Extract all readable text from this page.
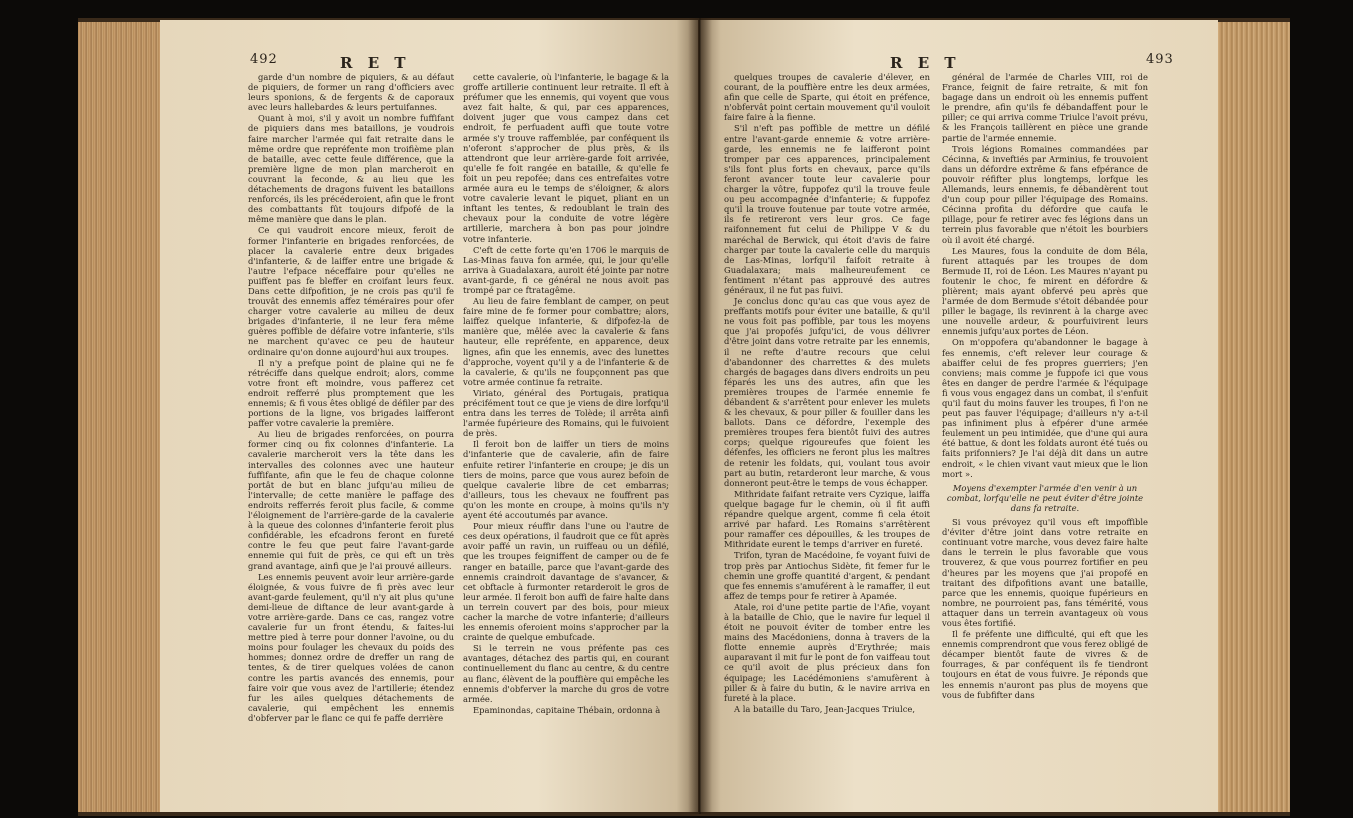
492	R E T

garde d'un nombre de piquiers, & au défaut de piquiers, de former un rang d'officiers avec leurs sponions, & de fergents & de caporaux avec leurs hallebardes & leurs pertuifannes.

Quant à moi, s'il y avoit un nombre fuffifant de piquiers dans mes bataillons, je voudrois faire marcher l'armée qui fait retraite dans le même ordre que repréfente mon troifième plan de bataille, avec cette feule différence, que la première ligne de mon plan marcheroit en couvrant la feconde, & au lieu que les détachements de dragons fuivent les bataillons renforcés, ils les précéderoient, afin que le front des combattants fût toujours difpofé de la même manière que dans le plan.

Ce qui vaudroit encore mieux, feroit de former l'infanterie en brigades renforcées, de placer la cavalerie entre deux brigades d'infanterie, & de laiffer entre une brigade & l'autre l'efpace néceffaire pour qu'elles ne puiffent pas fe bleffer en croifant leurs feux. Dans cette difpofition, je ne crois pas qu'il fe trouvât des ennemis affez téméraires pour ofer charger votre cavalerie au milieu de deux brigades d'infanterie, il ne leur fera même guères poffible de défaire votre infanterie, s'ils ne marchent qu'avec ce peu de hauteur ordinaire qu'on donne aujourd'hui aux troupes.

Il n'y a prefque point de plaine qui ne fe rétréciffe dans quelque endroit; alors, comme votre front eft moindre, vous pafferez cet endroit refferré plus promptement que les ennemis; & fi vous êtes obligé de défiler par des portions de la ligne, vos brigades laifferont paffer votre cavalerie la première.

Au lieu de brigades renforcées, on pourra former cinq ou fix colonnes d'infanterie. La cavalerie marcheroit vers la tête dans les intervalles des colonnes avec une hauteur fuffifante, afin que le feu de chaque colonne portât de but en blanc jufqu'au milieu de l'intervalle; de cette manière le paffage des endroits refferrés feroit plus facile, & comme l'éloignement de l'arrière-garde de la cavalerie à la queue des colonnes d'infanterie feroit plus confidérable, les efcadrons feront en fureté contre le feu que peut faire l'avant-garde ennemie qui fuit de près, ce qui eft un très grand avantage, ainfi que je l'ai prouvé ailleurs.

Les ennemis peuvent avoir leur arrière-garde éloignée, & vous fuivre de fi près avec leur avant-garde feulement, qu'il n'y ait plus qu'une demi-lieue de diftance de leur avant-garde à votre arrière-garde. Dans ce cas, rangez votre cavalerie fur un front étendu, & faites-lui mettre pied à terre pour donner l'avoine, ou du moins pour foulager les chevaux du poids des hommes; donnez ordre de dreffer un rang de tentes, & de tirer quelques volées de canon contre les partis avancés des ennemis, pour faire voir que vous avez de l'artillerie; étendez fur les ailes quelques détachements de cavalerie, qui empêchent les ennemis d'obferver par le flanc ce qui fe paffe derrière

cette cavalerie, où l'infanterie, le bagage & la groffe artillerie continuent leur retraite. Il eft à préfumer que les ennemis, qui voyent que vous avez fait halte, & qui, par ces apparences, doivent juger que vous campez dans cet endroit, fe perfuadent auffi que toute votre armée s'y trouve raffemblée, par conféquent ils n'oferont s'approcher de plus près, & ils attendront que leur arrière-garde foit arrivée, qu'elle fe foit rangée en bataille, & qu'elle fe foit un peu repofée; dans ces entrefaites votre armée aura eu le temps de s'éloigner, & alors votre cavalerie levant le piquet, pliant en un inftant les tentes, & redoublant le train des chevaux pour la conduite de votre légère artillerie, marchera à bon pas pour joindre votre infanterie.

C'eft de cette forte qu'en 1706 le marquis de Las-Minas fauva fon armée, qui, le jour qu'elle arriva à Guadalaxara, auroit été jointe par notre avant-garde, fi ce général ne nous avoit pas trompé par ce ftratagême.

Au lieu de faire femblant de camper, on peut faire mine de fe former pour combattre; alors, laiffez quelque infanterie, & difpofez-la de manière que, mêlée avec la cavalerie & fans hauteur, elle repréfente, en apparence, deux lignes, afin que les ennemis, avec des lunettes d'approche, voyent qu'il y a de l'infanterie & de la cavalerie, & qu'ils ne foupçonnent pas que votre armée continue fa retraite.

Viriato, général des Portugais, pratiqua précifément tout ce que je viens de dire lorfqu'il entra dans les terres de Tolède; il arrêta ainfi l'armée fupérieure des Romains, qui le fuivoient de près.

Il feroit bon de laiffer un tiers de moins d'infanterie que de cavalerie, afin de faire enfuite retirer l'infanterie en croupe; je dis un tiers de moins, parce que vous aurez befoin de quelque cavalerie libre de cet embarras; d'ailleurs, tous les chevaux ne fouffrent pas qu'on les monte en croupe, à moins qu'ils n'y ayent été accoutumés par avance.

Pour mieux réuffir dans l'une ou l'autre de ces deux opérations, il faudroit que ce fût après avoir paffé un ravin, un ruiffeau ou un défilé, que les troupes feigniffent de camper ou de fe ranger en bataille, parce que l'avant-garde des ennemis craindroit davantage de s'avancer, & cet obftacle à furmonter retarderoit le gros de leur armée. Il feroit bon auffi de faire halte dans un terrein couvert par des bois, pour mieux cacher la marche de votre infanterie; d'ailleurs les ennemis oferoient moins s'approcher par la crainte de quelque embufcade.

Si le terrein ne vous préfente pas ces avantages, détachez des partis qui, en courant continuellement du flanc au centre, & du centre au flanc, élèvent de la pouffière qui empêche les ennemis d'obferver la marche du gros de votre armée.

Epaminondas, capitaine Thébain, ordonna à

R E T	493

quelques troupes de cavalerie d'élever, en courant, de la pouffière entre les deux armées, afin que celle de Sparte, qui étoit en préfence, n'obfervât point certain mouvement qu'il vouloit faire faire à la fienne.

S'il n'eft pas poffible de mettre un défilé entre l'avant-garde ennemie & votre arrière-garde, les ennemis ne fe laifferont point tromper par ces apparences, principalement s'ils font plus forts en chevaux, parce qu'ils feront avancer toute leur cavalerie pour charger la vôtre, fuppofez qu'il la trouve feule ou peu accompagnée d'infanterie; & fuppofez qu'il la trouve foutenue par toute votre armée, ils fe retireront vers leur gros. Ce fage raifonnement fut celui de Philippe V & du maréchal de Berwick, qui étoit d'avis de faire charger par toute la cavalerie celle du marquis de Las-Minas, lorfqu'il faifoit retraite à Guadalaxara; mais malheureufement ce fentiment n'étant pas approuvé des autres généraux, il ne fut pas fuivi.

Je conclus donc qu'au cas que vous ayez de preffants motifs pour éviter une bataille, & qu'il ne vous foit pas poffible, par tous les moyens que j'ai propofés jufqu'ici, de vous délivrer d'être joint dans votre retraite par les ennemis, il ne refte d'autre recours que celui d'abandonner des charrettes & des mulets chargés de bagages dans divers endroits un peu féparés les uns des autres, afin que les premières troupes de l'armée ennemie fe débandent & s'arrêtent pour enlever les mulets & les chevaux, & pour piller & fouiller dans les ballots. Dans ce défordre, l'exemple des premières troupes fera bientôt fuivi des autres corps; quelque rigoureufes que foient les défenfes, les officiers ne feront plus les maîtres de retenir les foldats, qui, voulant tous avoir part au butin, retarderont leur marche, & vous donneront peut-être le temps de vous échapper.

Mithridate faifant retraite vers Cyzique, laiffa quelque bagage fur le chemin, où il fit auffi répandre quelque argent, comme fi cela étoit arrivé par hafard. Les Romains s'arrêtèrent pour ramaffer ces dépouilles, & les troupes de Mithridate eurent le temps d'arriver en fureté.

Trifon, tyran de Macédoine, fe voyant fuivi de trop près par Antiochus Sidète, fit femer fur le chemin une groffe quantité d'argent, & pendant que fes ennemis s'amuférent à le ramaffer, il eut affez de temps pour fe retirer à Apamée.

Atale, roi d'une petite partie de l'Afie, voyant à la bataille de Chio, que le navire fur lequel il étoit ne pouvoit éviter de tomber entre les mains des Macédoniens, donna à travers de la flotte ennemie auprès d'Erythrée; mais auparavant il mit fur le pont de fon vaiffeau tout ce qu'il avoit de plus précieux dans fon équipage; les Lacédémoniens s'amufèrent à piller & à faire du butin, & le navire arriva en fureté à la place.

A la bataille du Taro, Jean-Jacques Triulce,

général de l'armée de Charles VIII, roi de France, feignit de faire retraite, & mit fon bagage dans un endroit où les ennemis puffent le prendre, afin qu'ils fe débandaffent pour le piller; ce qui arriva comme Triulce l'avoit prévu, & les François taillèrent en pièce une grande partie de l'armée ennemie.

Trois légions Romaines commandées par Cécinna, & inveftiés par Arminius, fe trouvoient dans un défordre extrême & fans efpérance de pouvoir réfifter plus longtemps, lorfque les Allemands, leurs ennemis, fe débandèrent tout d'un coup pour piller l'équipage des Romains. Cécinna profita du défordre que caufa le pillage, pour fe retirer avec fes légions dans un terrein plus favorable que n'étoit les bourbiers où il avoit été chargé.

Les Maures, fous la conduite de dom Béla, furent attaqués par les troupes de dom Bermude II, roi de Léon. Les Maures n'ayant pu foutenir le choc, fe mirent en défordre & plièrent; mais ayant obfervé peu après que l'armée de dom Bermude s'étoit débandée pour piller le bagage, ils revinrent à la charge avec une nouvelle ardeur, & pourfuivirent leurs ennemis jufqu'aux portes de Léon.

On m'oppofera qu'abandonner le bagage à fes ennemis, c'eft relever leur courage & abaiffer celui de fes propres guerriers; j'en conviens; mais comme je fuppofe ici que vous êtes en danger de perdre l'armée & l'équipage fi vous vous engagez dans un combat, il s'enfuit qu'il faut du moins fauver les troupes, fi l'on ne peut pas fauver l'équipage; d'ailleurs n'y a-t-il pas infiniment plus à efpérer d'une armée feulement un peu intimidée, que d'une qui aura été battue, & dont les foldats auront été tués ou faits prifonniers? Je l'ai déjà dit dans un autre endroit, « le chien vivant vaut mieux que le lion mort ».

Moyens d'exempter l'armée d'en venir à un combat, lorfqu'elle ne peut éviter d'être jointe dans fa retraite.

Si vous prévoyez qu'il vous eft impoffible d'éviter d'être joint dans votre retraite en continuant votre marche, vous devez faire halte dans le terrein le plus favorable que vous trouverez, & que vous pourrez fortifier en peu d'heures par les moyens que j'ai propofé en traitant des difpofitions avant une bataille, parce que les ennemis, quoique fupérieurs en nombre, ne pourroient pas, fans témérité, vous attaquer dans un terrein avantageux où vous vous êtes fortifié.

Il fe préfente une difficulté, qui eft que les ennemis comprendront que vous ferez obligé de décamper bientôt faute de vivres & de fourrages, & par conféquent ils fe tiendront toujours en état de vous fuivre. Je réponds que les ennemis n'auront pas plus de moyens que vous de fubfifter dans
